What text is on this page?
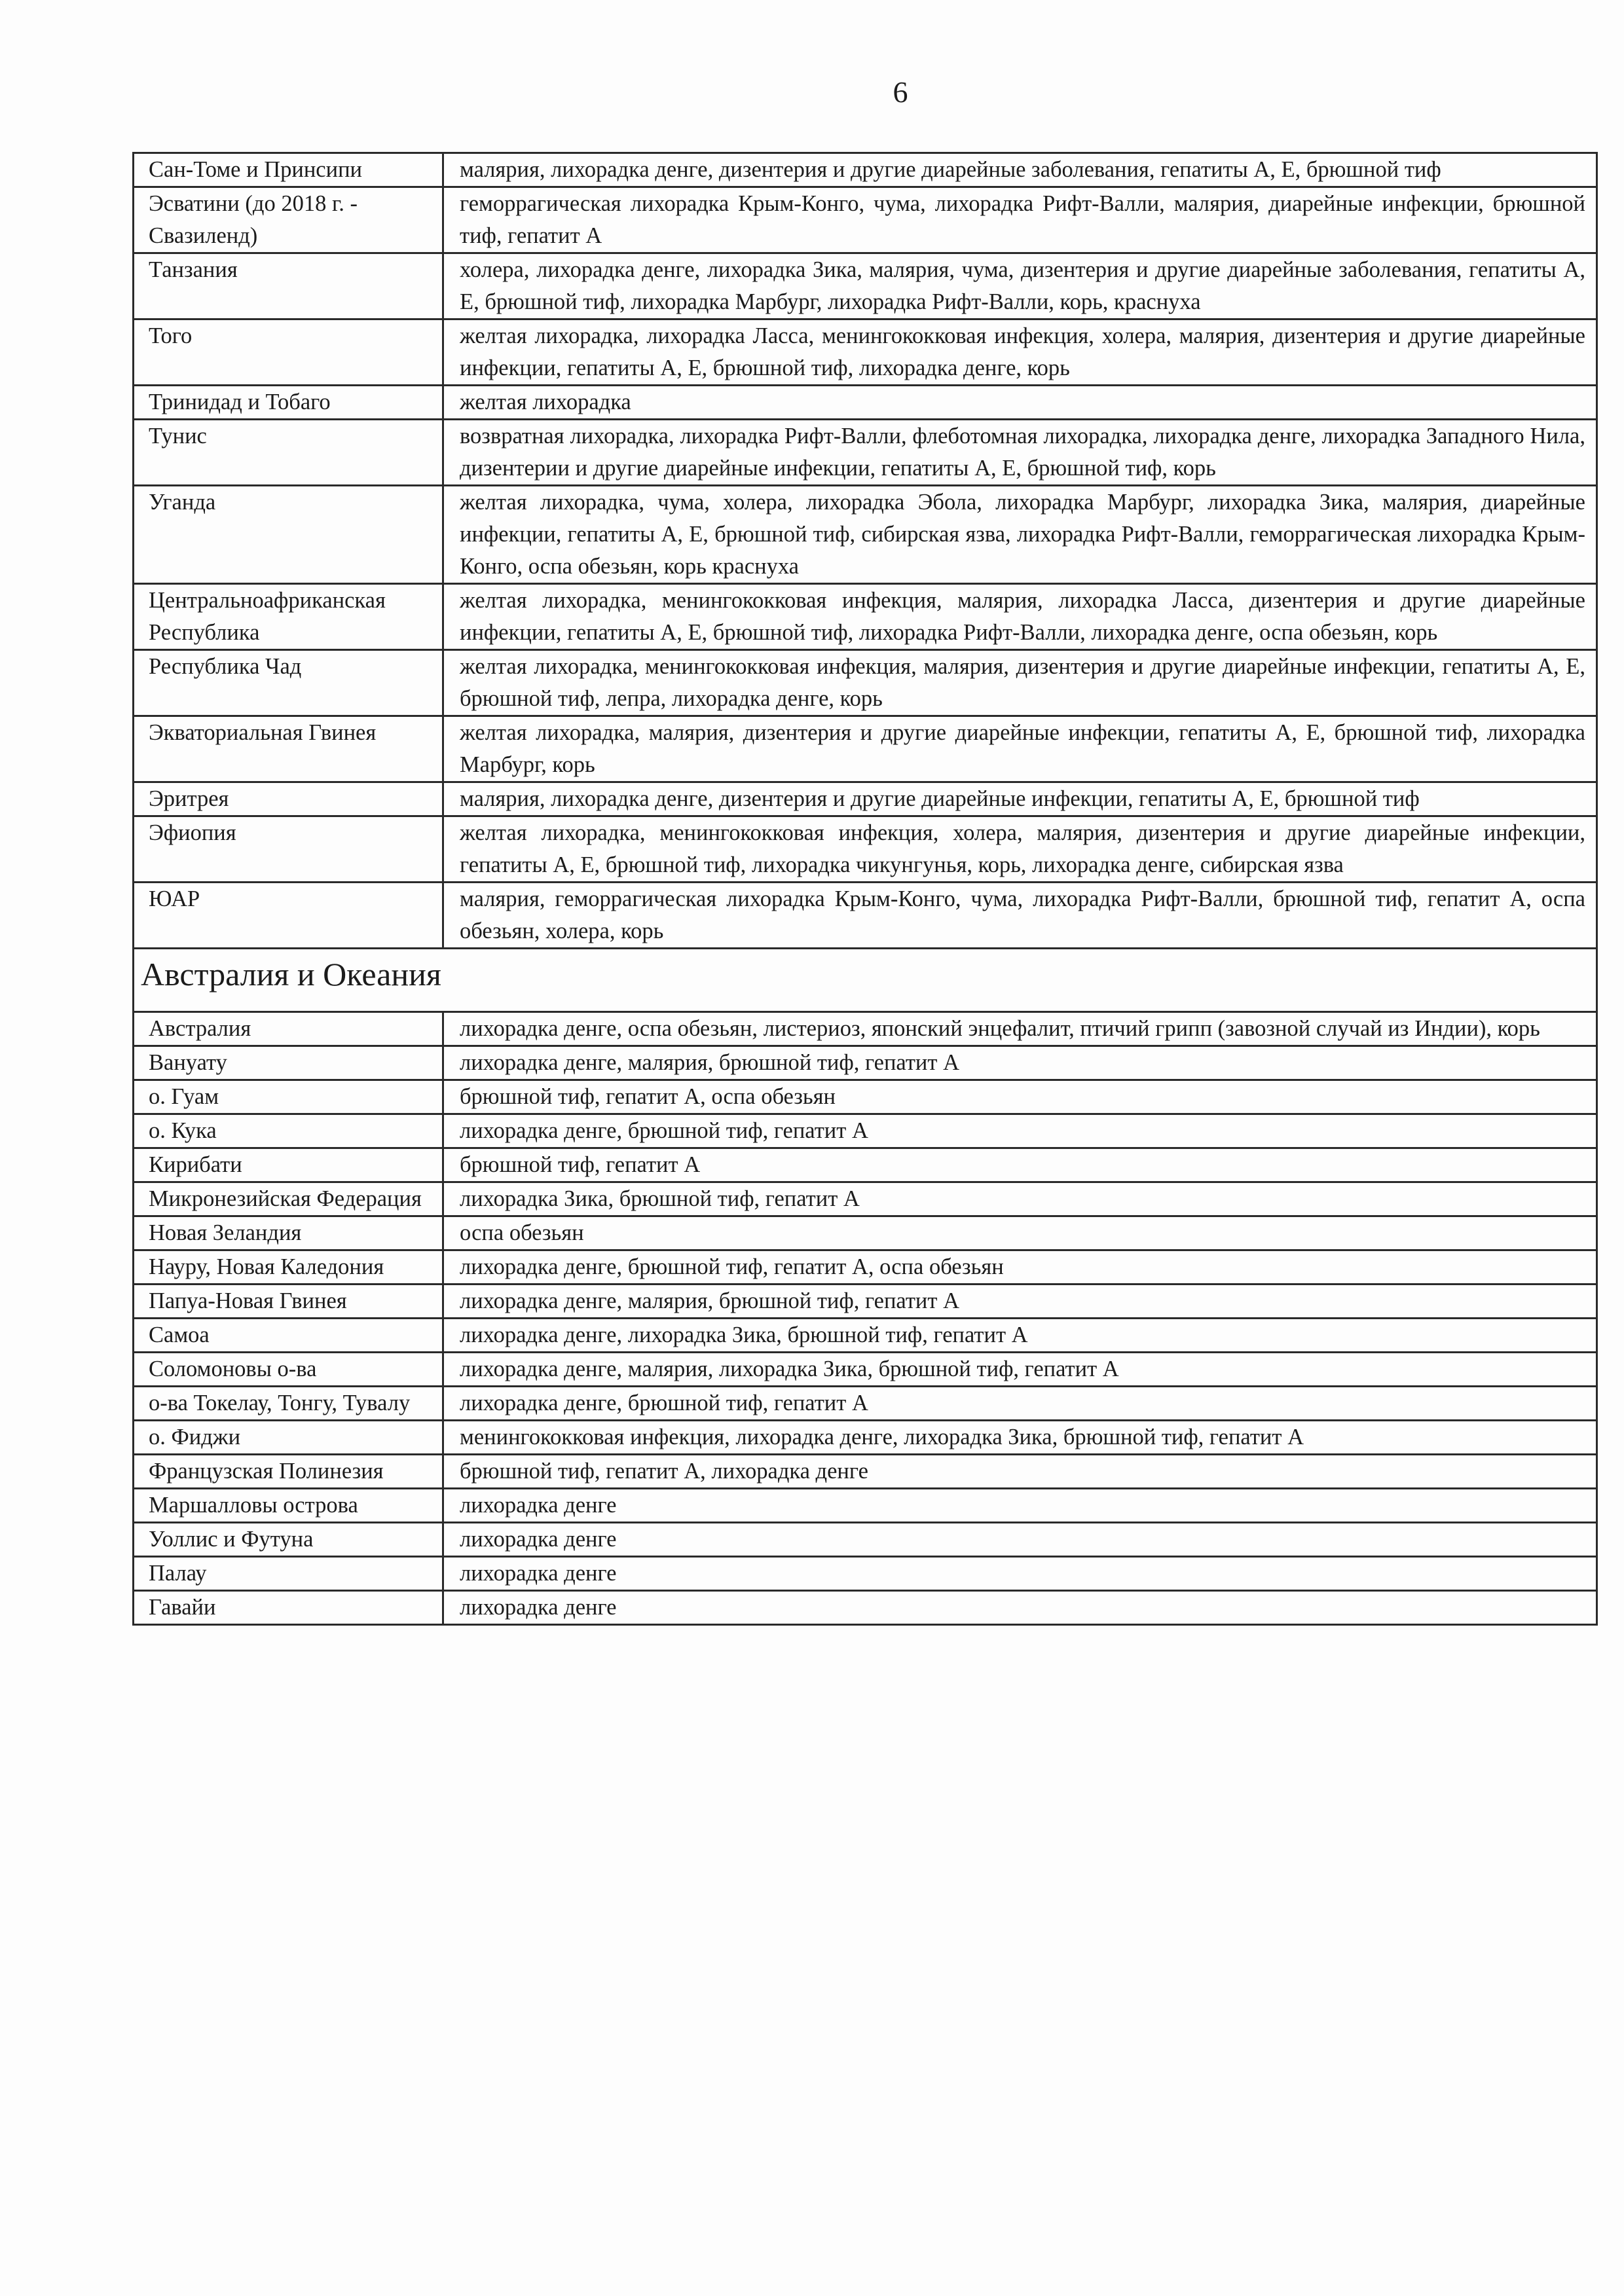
6
Сан-Томе и Принсипи	малярия, лихорадка денге, дизентерия и другие диарейные заболевания, гепатиты А, Е, брюшной тиф
Эсватини (до 2018 г. - Свазиленд)	геморрагическая лихорадка Крым-Конго, чума, лихорадка Рифт-Валли, малярия, диарейные инфекции, брюшной тиф, гепатит А
Танзания	холера, лихорадка денге, лихорадка Зика, малярия, чума, дизентерия и другие диарейные заболевания, гепатиты А, Е, брюшной тиф, лихорадка Марбург, лихорадка Рифт-Валли, корь, краснуха
Того	желтая лихорадка, лихорадка Ласса, менингококковая инфекция, холера, малярия, дизентерия и другие диарейные инфекции, гепатиты А, Е, брюшной тиф, лихорадка денге, корь
Тринидад и Тобаго	желтая лихорадка
Тунис	возвратная лихорадка, лихорадка Рифт-Валли, флеботомная лихорадка, лихорадка денге, лихорадка Западного Нила, дизентерии и другие диарейные инфекции, гепатиты А, Е, брюшной тиф, корь
Уганда	желтая лихорадка, чума, холера, лихорадка Эбола, лихорадка Марбург, лихорадка Зика, малярия, диарейные инфекции, гепатиты А, Е, брюшной тиф, сибирская язва, лихорадка Рифт-Валли, геморрагическая лихорадка Крым-Конго, оспа обезьян, корь краснуха
Центральноафриканская Республика	желтая лихорадка, менингококковая инфекция, малярия, лихорадка Ласса, дизентерия и другие диарейные инфекции, гепатиты А, Е, брюшной тиф, лихорадка Рифт-Валли, лихорадка денге, оспа обезьян, корь
Республика Чад	желтая лихорадка, менингококковая инфекция, малярия, дизентерия и другие диарейные инфекции, гепатиты А, Е, брюшной тиф, лепра, лихорадка денге, корь
Экваториальная Гвинея	желтая лихорадка, малярия, дизентерия и другие диарейные инфекции, гепатиты А, Е, брюшной тиф, лихорадка Марбург, корь
Эритрея	малярия, лихорадка денге, дизентерия и другие диарейные инфекции, гепатиты А, Е, брюшной тиф
Эфиопия	желтая лихорадка, менингококковая инфекция, холера, малярия, дизентерия и другие диарейные инфекции, гепатиты А, Е, брюшной тиф, лихорадка чикунгунья, корь, лихорадка денге, сибирская язва
ЮАР	малярия, геморрагическая лихорадка Крым-Конго, чума, лихорадка Рифт-Валли, брюшной тиф, гепатит А, оспа обезьян, холера, корь
Австралия и Океания	
Австралия	лихорадка денге, оспа обезьян, листериоз, японский энцефалит, птичий грипп (завозной случай из Индии), корь
Вануату	лихорадка денге, малярия, брюшной тиф, гепатит А
о. Гуам	брюшной тиф, гепатит А, оспа обезьян
о. Кука	лихорадка денге, брюшной тиф, гепатит А
Кирибати	брюшной тиф, гепатит А
Микронезийская Федерация	лихорадка Зика, брюшной тиф, гепатит А
Новая Зеландия	оспа обезьян
Науру, Новая Каледония	лихорадка денге, брюшной тиф, гепатит А, оспа обезьян
Папуа-Новая Гвинея	лихорадка денге, малярия, брюшной тиф, гепатит А
Самоа	лихорадка денге, лихорадка Зика, брюшной тиф, гепатит А
Соломоновы о-ва	лихорадка денге, малярия, лихорадка Зика, брюшной тиф, гепатит А
о-ва Токелау, Тонгу, Тувалу	лихорадка денге, брюшной тиф, гепатит А
о. Фиджи	менингококковая инфекция, лихорадка денге, лихорадка Зика, брюшной тиф, гепатит А
Французская Полинезия	брюшной тиф, гепатит А, лихорадка денге
Маршалловы острова	лихорадка денге
Уоллис и Футуна	лихорадка денге
Палау	лихорадка денге
Гавайи	лихорадка денге
